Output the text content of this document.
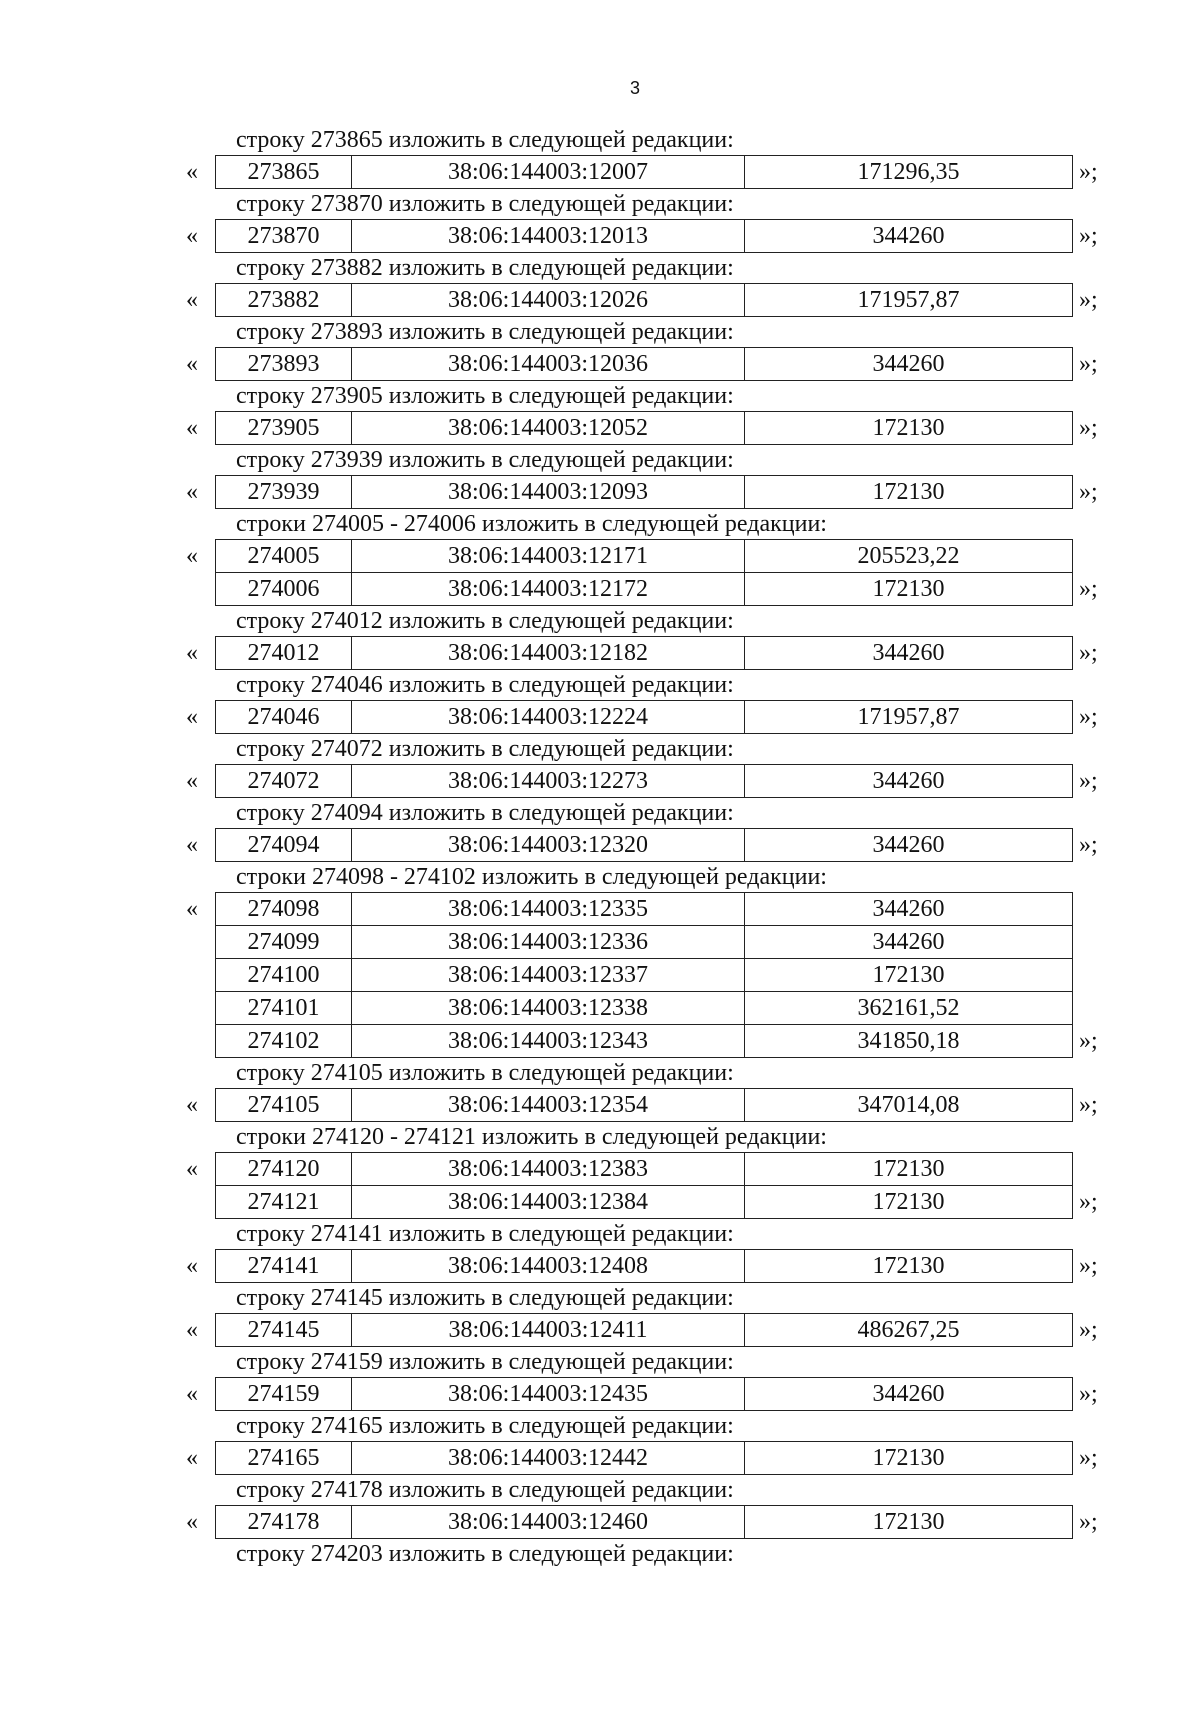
3
строку 273865 изложить в следующей редакции:
« 273865	38:06:144003:12007	171296,35	»;
строку 273870 изложить в следующей редакции:
« 273870	38:06:144003:12013	344260	»;
строку 273882 изложить в следующей редакции:
« 273882	38:06:144003:12026	171957,87	»;
строку 273893 изложить в следующей редакции:
« 273893	38:06:144003:12036	344260	»;
строку 273905 изложить в следующей редакции:
« 273905	38:06:144003:12052	172130	»;
строку 273939 изложить в следующей редакции:
« 273939	38:06:144003:12093	172130	»;
строки 274005 - 274006 изложить в следующей редакции:
« 274005	38:06:144003:12171	205523,22
274006	38:06:144003:12172	172130	»;
строку 274012 изложить в следующей редакции:
« 274012	38:06:144003:12182	344260	»;
строку 274046 изложить в следующей редакции:
« 274046	38:06:144003:12224	171957,87	»;
строку 274072 изложить в следующей редакции:
« 274072	38:06:144003:12273	344260	»;
строку 274094 изложить в следующей редакции:
« 274094	38:06:144003:12320	344260	»;
строки 274098 - 274102 изложить в следующей редакции:
« 274098	38:06:144003:12335	344260
274099	38:06:144003:12336	344260
274100	38:06:144003:12337	172130
274101	38:06:144003:12338	362161,52
274102	38:06:144003:12343	341850,18	»;
строку 274105 изложить в следующей редакции:
« 274105	38:06:144003:12354	347014,08	»;
строки 274120 - 274121 изложить в следующей редакции:
« 274120	38:06:144003:12383	172130
274121	38:06:144003:12384	172130	»;
строку 274141 изложить в следующей редакции:
« 274141	38:06:144003:12408	172130	»;
строку 274145 изложить в следующей редакции:
« 274145	38:06:144003:12411	486267,25	»;
строку 274159 изложить в следующей редакции:
« 274159	38:06:144003:12435	344260	»;
строку 274165 изложить в следующей редакции:
« 274165	38:06:144003:12442	172130	»;
строку 274178 изложить в следующей редакции:
« 274178	38:06:144003:12460	172130	»;
строку 274203 изложить в следующей редакции:
